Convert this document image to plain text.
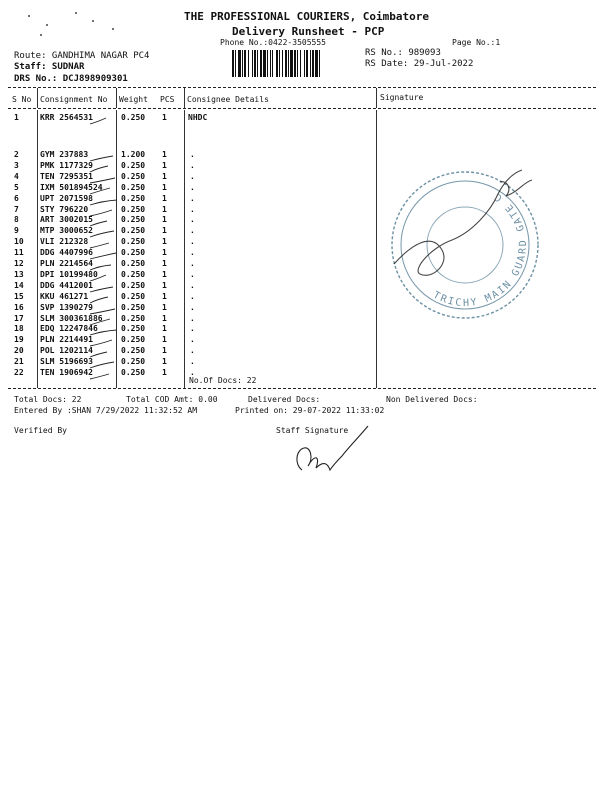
THE PROFESSIONAL COURIERS, Coimbatore
Delivery Runsheet - PCP
Phone No.:0422-3505555	Page No.:1
Route: GANDHIMA NAGAR PC4
Staff: SUDNAR
DRS No.: DCJ898909301
RS No.: 989093
RS Date: 29-Jul-2022
S No Consignment No Weight PCS Consignee Details	Signature
1	KRR 2564531	0.250 1	NHDC
2	GYM 237883	1.200 1	.
3	PMK 1177329	0.250 1	.
4	TEN 7295351	0.250 1	.
5	IXM 501894524 0.250 1	.
6	UPT 2071598	0.250 1	.
7	STY 796220	0.250 1	.
8	ART 3002015	0.250 1	.
9	MTP 3000652	0.250 1	.
10 VLI 212328	0.250 1	.
11 DDG 4407996	0.250 1	.
12 PLN 2214564	0.250 1	.
13 DPI 10199480	0.250 1	.
14 DDG 4412001	0.250 1	.
15 KKU 461271	0.250 1	.
16 SVP 1390279	0.250 1	.
17 SLM 300361886 0.250 1	.
18 EDQ 12247846	0.250 1	.
19 PLN 2214491	0.250 1	.
20 POL 1202114	0.250 1	.
21 SLM 5196693	0.250 1	.
22 TEN 1906942	0.250 1	.
No.Of Docs: 22
TRICHY MAIN GUARD GATE COURIER
Total Docs: 22	Total COD Amt: 0.00	Delivered Docs:	Non Delivered Docs:
Entered By :SHAN 7/29/2022 11:32:52 AM	Printed on: 29-07-2022 11:33:02
Verified By	Staff Signature
